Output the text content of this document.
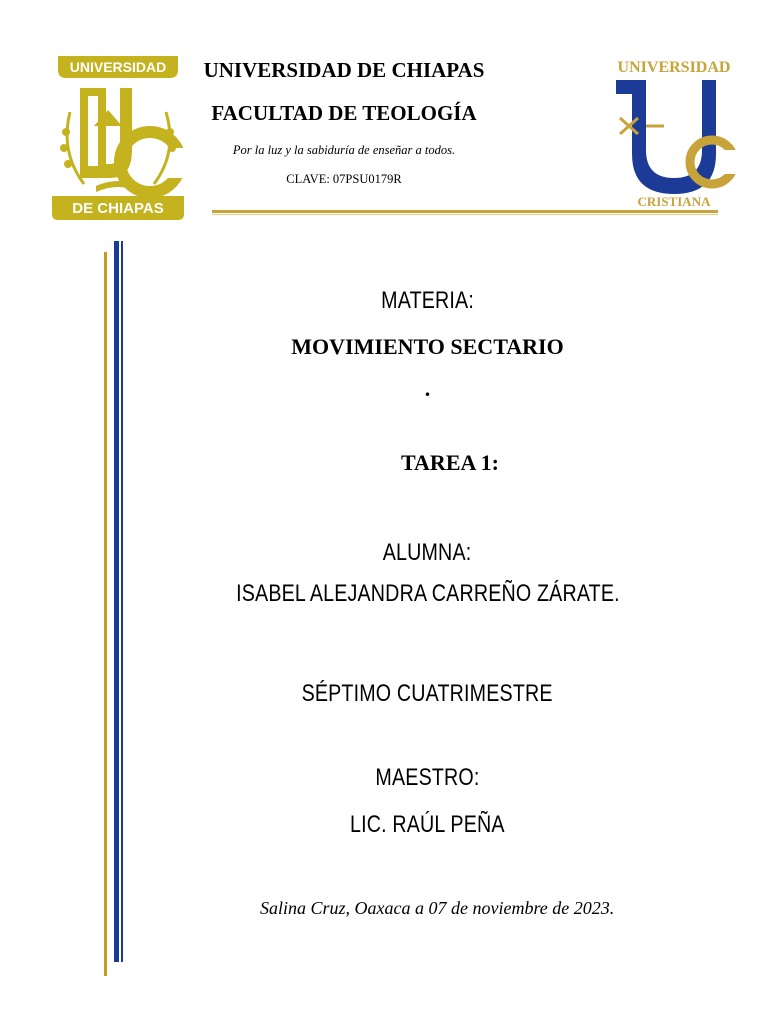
UNIVERSIDAD
DE CHIAPAS
UNIVERSIDAD DE CHIAPAS
FACULTAD DE TEOLOGÍA
Por la luz y la sabiduría de enseñar a todos.
CLAVE: 07PSU0179R
UNIVERSIDAD
CRISTIANA
MATERIA:
MOVIMIENTO SECTARIO
.
TAREA 1:
ALUMNA:
ISABEL ALEJANDRA CARREÑO ZÁRATE.
SÉPTIMO CUATRIMESTRE
MAESTRO:
LIC. RAÚL PEÑA
Salina Cruz, Oaxaca a 07 de noviembre de 2023.
